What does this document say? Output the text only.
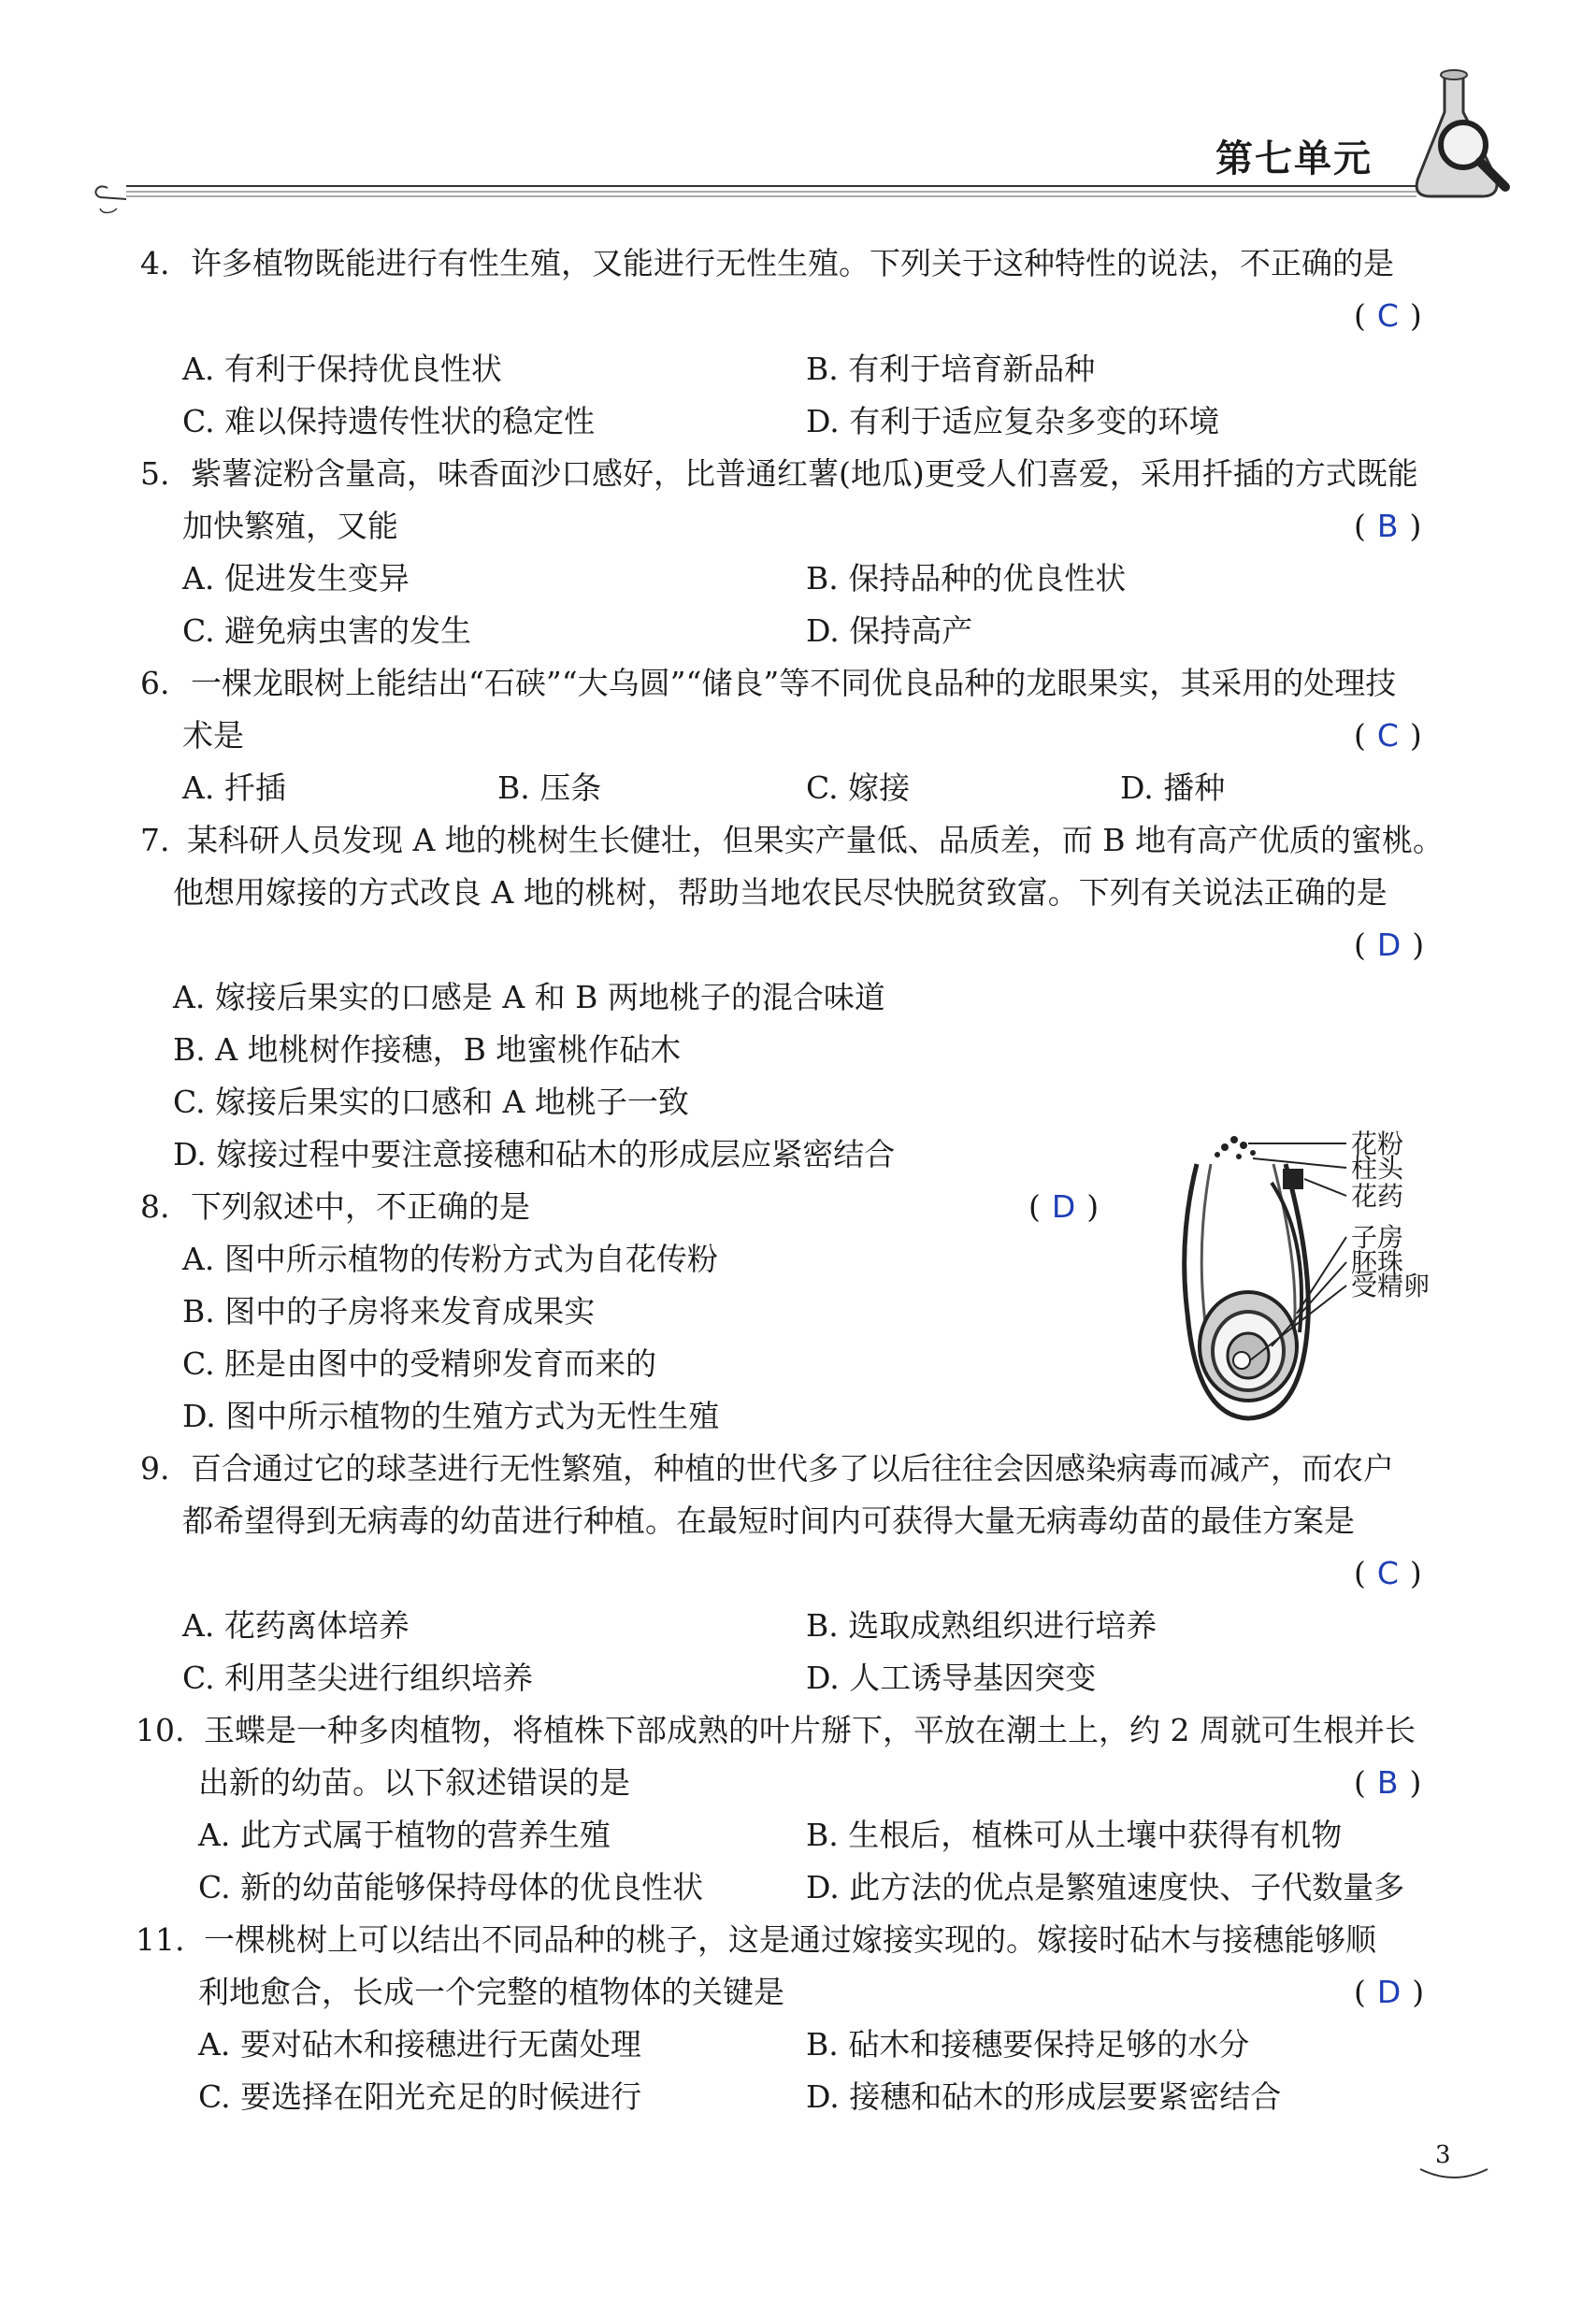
第七单元
4. 许多植物既能进行有性生殖，又能进行无性生殖。下列关于这种特性的说法，不正确的是
( C )
A. 有利于保持优良性状	B. 有利于培育新品种
C. 难以保持遗传性状的稳定性	D. 有利于适应复杂多变的环境
5. 紫薯淀粉含量高，味香面沙口感好，比普通红薯(地瓜)更受人们喜爱，采用扦插的方式既能
加快繁殖，又能	( B )
A. 促进发生变异	B. 保持品种的优良性状
C. 避免病虫害的发生	D. 保持高产
6. 一棵龙眼树上能结出“石硖”“大乌圆”“储良”等不同优良品种的龙眼果实，其采用的处理技
术是	( C )
A. 扦插	B. 压条	C. 嫁接	D. 播种
7. 某科研人员发现 A 地的桃树生长健壮，但果实产量低、品质差，而 B 地有高产优质的蜜桃。
他想用嫁接的方式改良 A 地的桃树，帮助当地农民尽快脱贫致富。下列有关说法正确的是
( D )
A. 嫁接后果实的口感是 A 和 B 两地桃子的混合味道
B. A 地桃树作接穗，B 地蜜桃作砧木
C. 嫁接后果实的口感和 A 地桃子一致
D. 嫁接过程中要注意接穗和砧木的形成层应紧密结合
8. 下列叙述中，不正确的是	( D )
A. 图中所示植物的传粉方式为自花传粉
B. 图中的子房将来发育成果实
C. 胚是由图中的受精卵发育而来的
D. 图中所示植物的生殖方式为无性生殖
花粉
柱头
花药
子房
胚珠
受精卵
9. 百合通过它的球茎进行无性繁殖，种植的世代多了以后往往会因感染病毒而减产，而农户
都希望得到无病毒的幼苗进行种植。在最短时间内可获得大量无病毒幼苗的最佳方案是
( C )
A. 花药离体培养	B. 选取成熟组织进行培养
C. 利用茎尖进行组织培养	D. 人工诱导基因突变
10. 玉蝶是一种多肉植物，将植株下部成熟的叶片掰下，平放在潮土上，约 2 周就可生根并长
出新的幼苗。以下叙述错误的是	( B )
A. 此方式属于植物的营养生殖	B. 生根后，植株可从土壤中获得有机物
C. 新的幼苗能够保持母体的优良性状	D. 此方法的优点是繁殖速度快、子代数量多
11. 一棵桃树上可以结出不同品种的桃子，这是通过嫁接实现的。嫁接时砧木与接穗能够顺
利地愈合，长成一个完整的植物体的关键是	( D )
A. 要对砧木和接穗进行无菌处理	B. 砧木和接穗要保持足够的水分
C. 要选择在阳光充足的时候进行	D. 接穗和砧木的形成层要紧密结合
3
